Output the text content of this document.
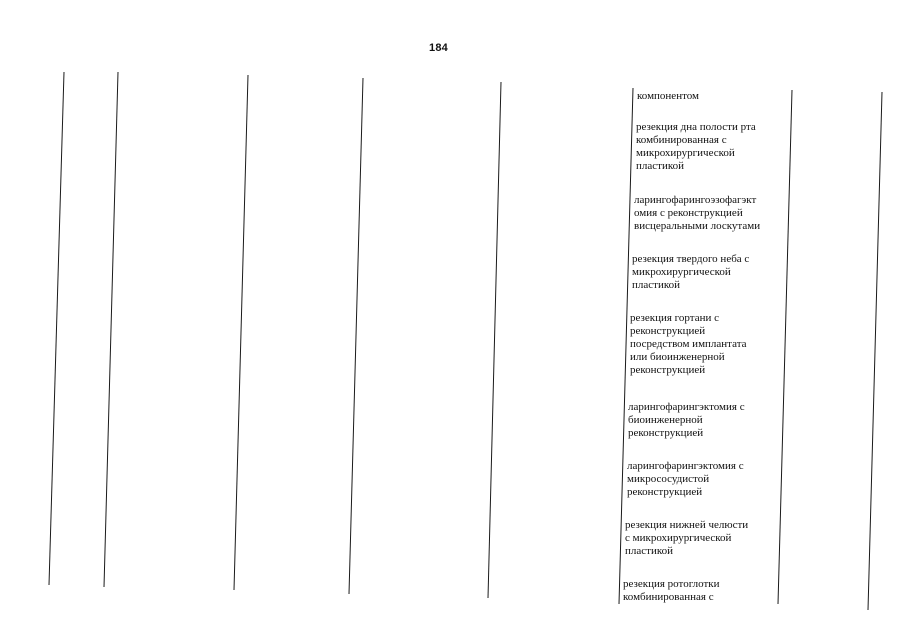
184

компонентом

резекция дна полости рта
комбинированная с
микрохирургической
пластикой

ларингофарингоэзофагэкт
омия с реконструкцией
висцеральными лоскутами

резекция твердого неба с
микрохирургической
пластикой

резекция гортани с
реконструкцией
посредством имплантата
или биоинженерной
реконструкцией

ларингофарингэктомия с
биоинженерной
реконструкцией

ларингофарингэктомия с
микрососудистой
реконструкцией

резекция нижней челюсти
с микрохирургической
пластикой

резекция ротоглотки
комбинированная с
